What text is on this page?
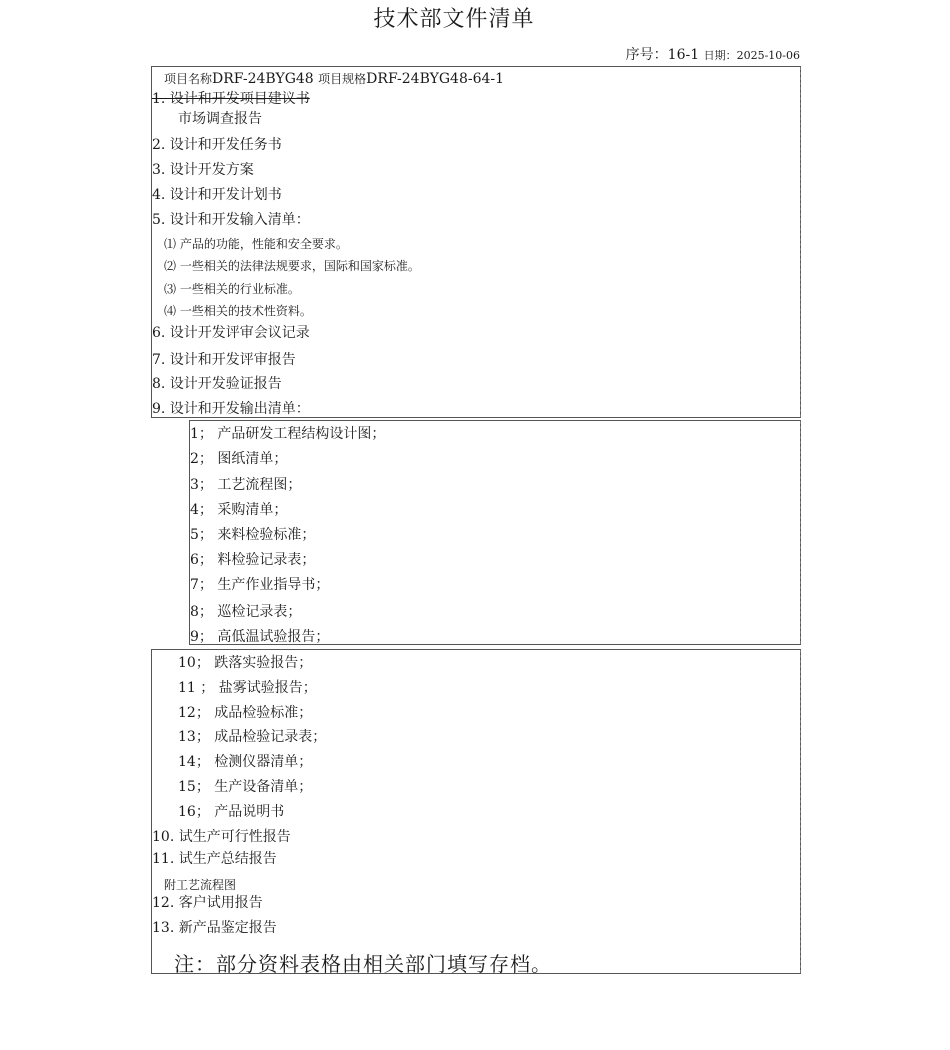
技术部文件清单
序号：16-1 日期：2025-10-06
项目名称DRF-24BYG48 项目规格DRF-24BYG48-64-1
1. 设计和开发项目建议书
市场调查报告
2. 设计和开发任务书
3. 设计开发方案
4. 设计和开发计划书
5. 设计和开发输入清单：
⑴ 产品的功能，性能和安全要求。
⑵ 一些相关的法律法规要求，国际和国家标准。
⑶ 一些相关的行业标准。
⑷ 一些相关的技术性资料。
6. 设计开发评审会议记录
7. 设计和开发评审报告
8. 设计开发验证报告
9. 设计和开发输出清单：
1； 产品研发工程结构设计图；
2； 图纸清单；
3； 工艺流程图；
4； 采购清单；
5； 来料检验标准；
6； 料检验记录表；
7； 生产作业指导书；
8； 巡检记录表；
9； 高低温试验报告；
10； 跌落实验报告；
11 ； 盐雾试验报告；
12； 成品检验标准；
13； 成品检验记录表；
14； 检测仪器清单；
15； 生产设备清单；
16； 产品说明书
10. 试生产可行性报告
11. 试生产总结报告
附工艺流程图
12. 客户试用报告
13. 新产品鉴定报告
注：部分资料表格由相关部门填写存档。
